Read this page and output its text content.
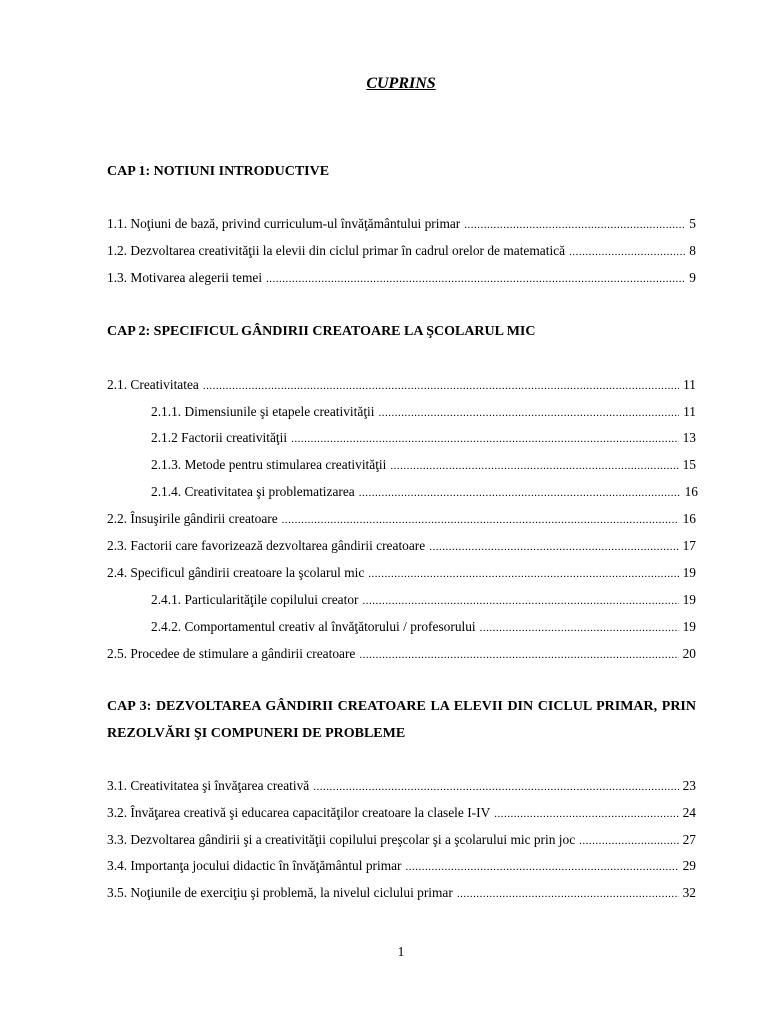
CUPRINS
CAP 1: NOTIUNI INTRODUCTIVE
1.1. Noţiuni de bază, privind curriculum-ul învăţământului primar .....	5
1.2. Dezvoltarea creativităţii la elevii din ciclul primar în cadrul orelor de matematică .....	8
1.3. Motivarea alegerii temei .....	9
CAP 2: SPECIFICUL GÂNDIRII CREATOARE LA ŞCOLARUL MIC
2.1. Creativitatea .....	11
2.1.1. Dimensiunile şi etapele creativităţii .....	11
2.1.2 Factorii creativităţii .....	13
2.1.3. Metode pentru stimularea creativităţii .....	15
2.1.4. Creativitatea şi problematizarea .....	16
2.2. Însuşirile gândirii creatoare .....	16
2.3. Factorii care favorizează dezvoltarea gândirii creatoare .....	17
2.4. Specificul gândirii creatoare la şcolarul mic .....	19
2.4.1. Particularităţile copilului creator .....	19
2.4.2. Comportamentul creativ al învăţătorului / profesorului .....	19
2.5. Procedee de stimulare a gândirii creatoare .....	20
CAP 3: DEZVOLTAREA GÂNDIRII CREATOARE LA ELEVII DIN CICLUL PRIMAR, PRIN REZOLVĂRI ŞI COMPUNERI DE PROBLEME
3.1. Creativitatea şi învăţarea creativă .....	23
3.2. Învăţarea creativă şi educarea capacităţilor creatoare la clasele I-IV .....	24
3.3. Dezvoltarea gândirii şi a creativităţii copilului preşcolar şi a şcolarului mic prin joc .....	27
3.4. Importanţa jocului didactic în învăţământul primar .....	29
3.5. Noţiunile de exerciţiu şi problemă, la nivelul ciclului primar .....	32
1
